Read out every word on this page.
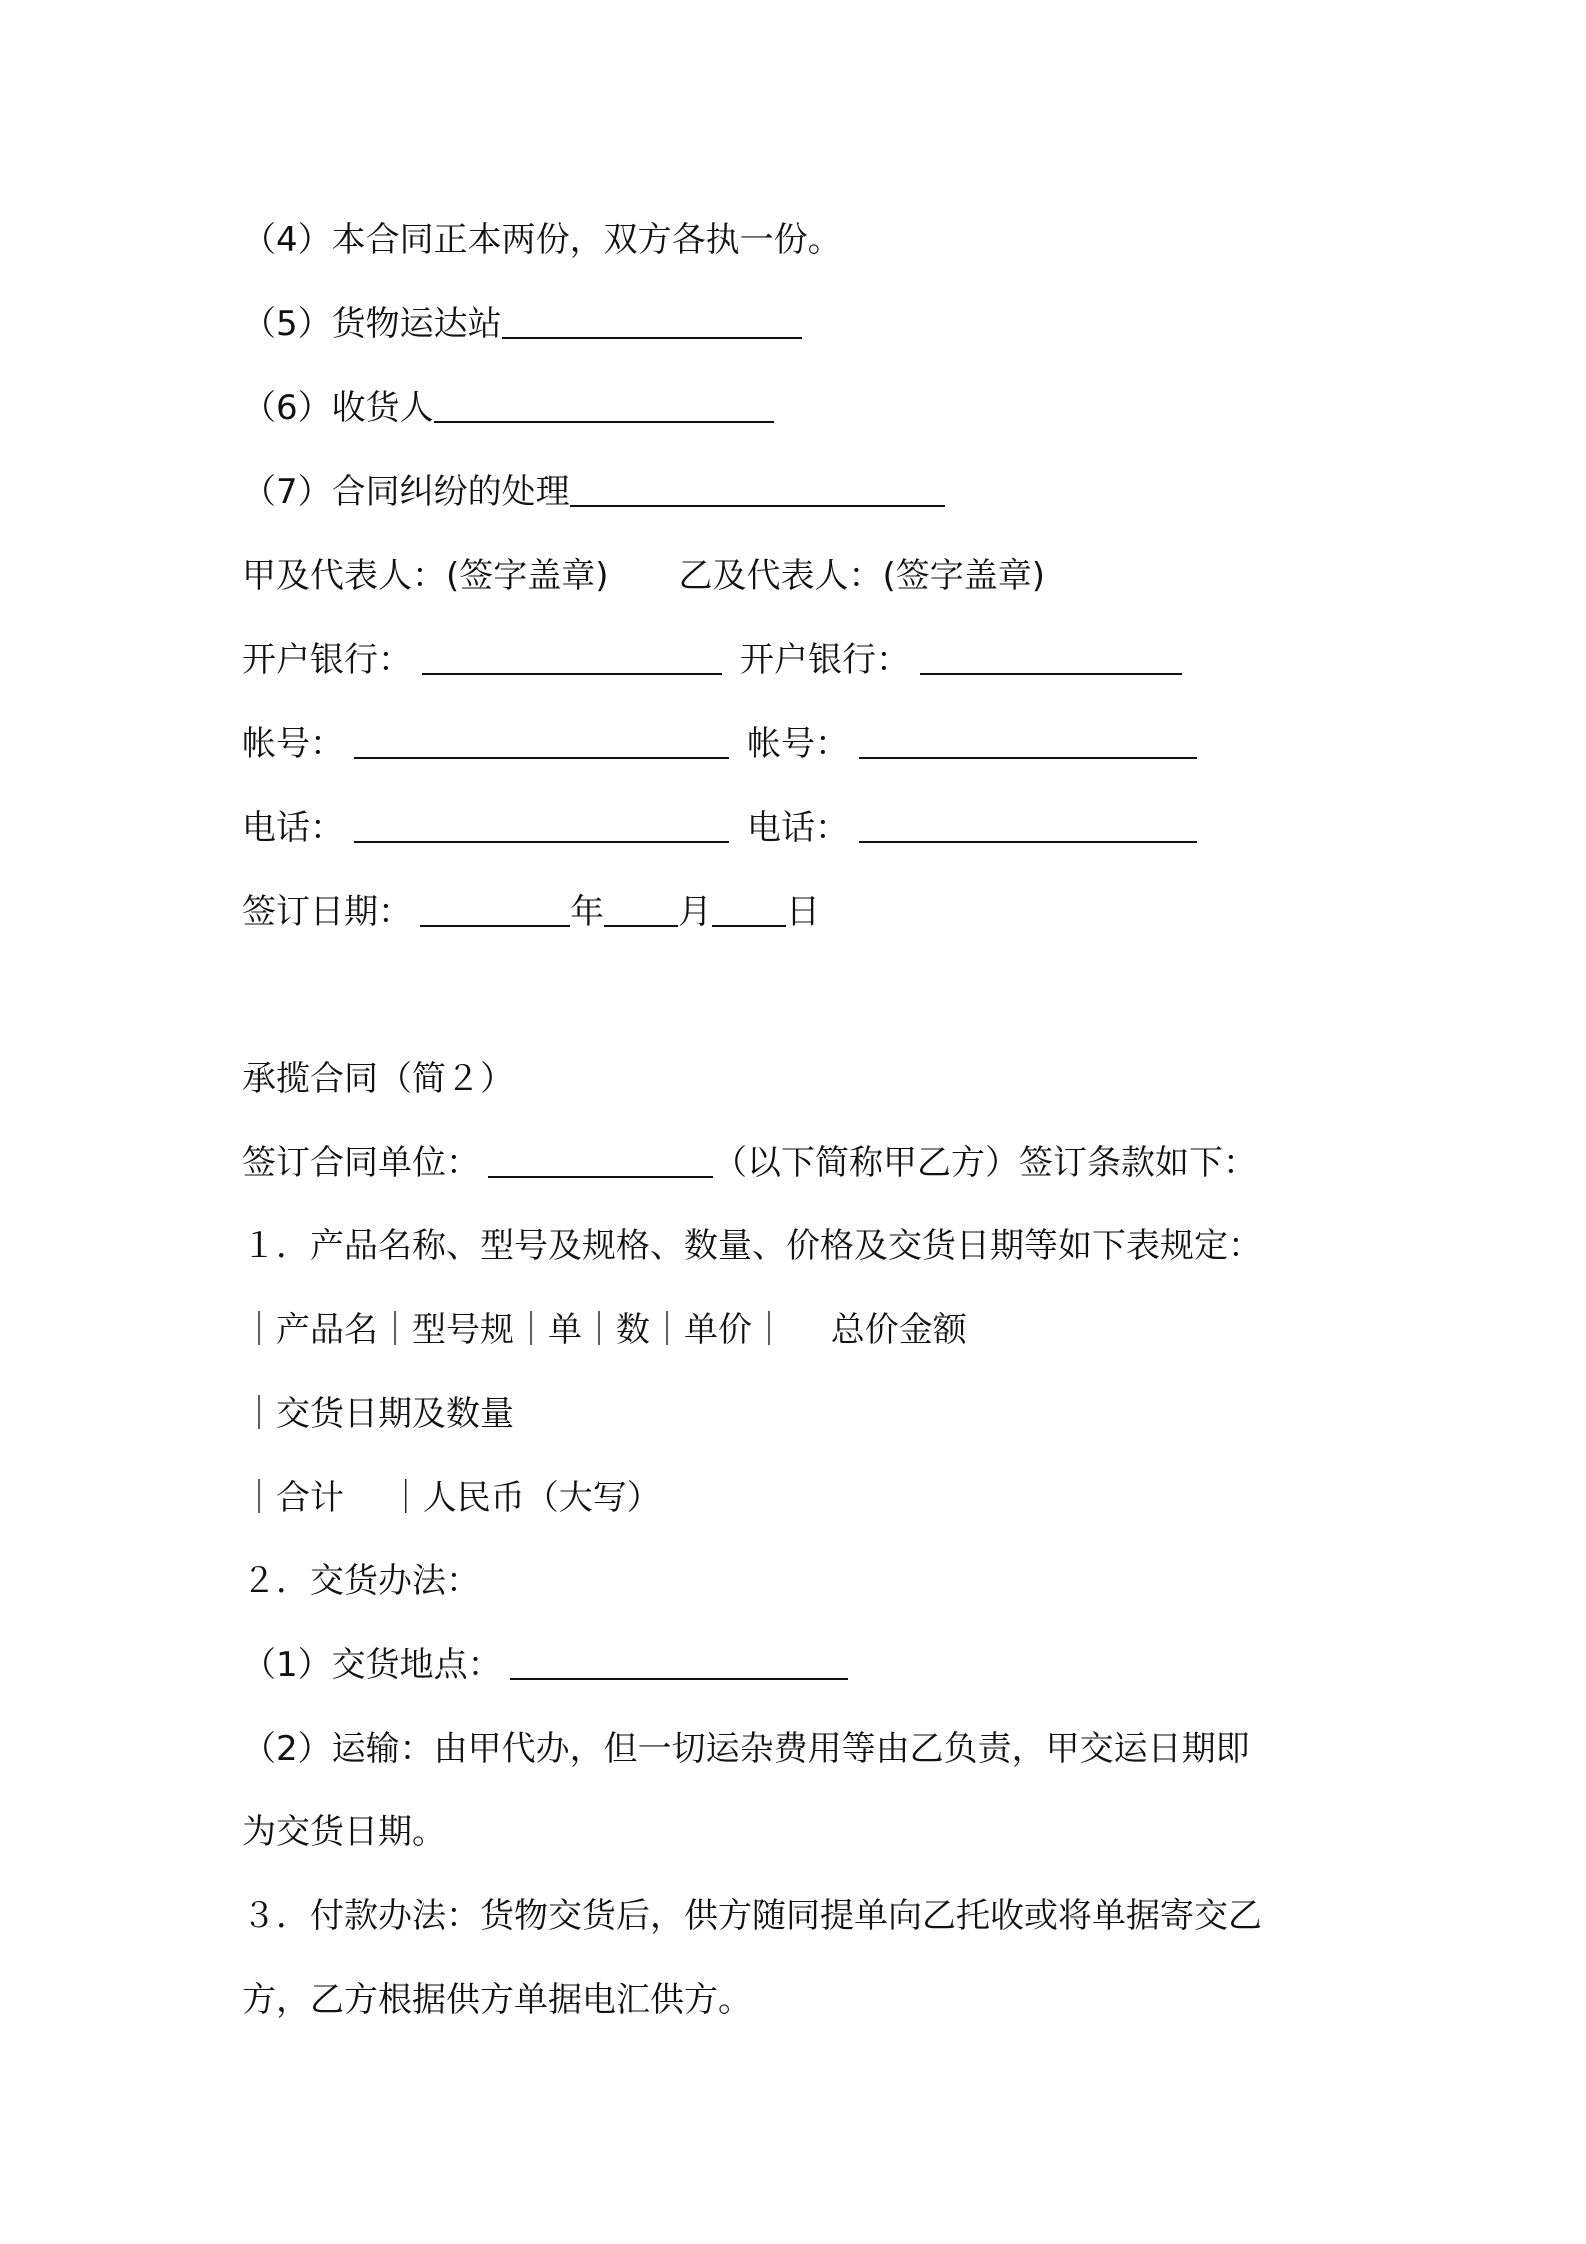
（4）本合同正本两份，双方各执一份。
（5）货物运达站
（6）收货人
（7）合同纠纷的处理
甲及代表人：(签字盖章) 乙及代表人：(签字盖章)
开户银行：	开户银行：
帐号：	帐号：
电话：	电话：
签订日期：	年 月 日
承揽合同（简２）
签订合同单位：	（以下简称甲乙方）签订条款如下：
１．产品名称、型号及规格、数量、价格及交货日期等如下表规定：
｜产品名｜型号规｜单｜数｜单价｜　 总价金额
｜交货日期及数量
｜合计　 ｜人民币（大写）
２．交货办法：
（1）交货地点：
（2）运输：由甲代办，但一切运杂费用等由乙负责，甲交运日期即
为交货日期。
３．付款办法：货物交货后，供方随同提单向乙托收或将单据寄交乙
方，乙方根据供方单据电汇供方。
